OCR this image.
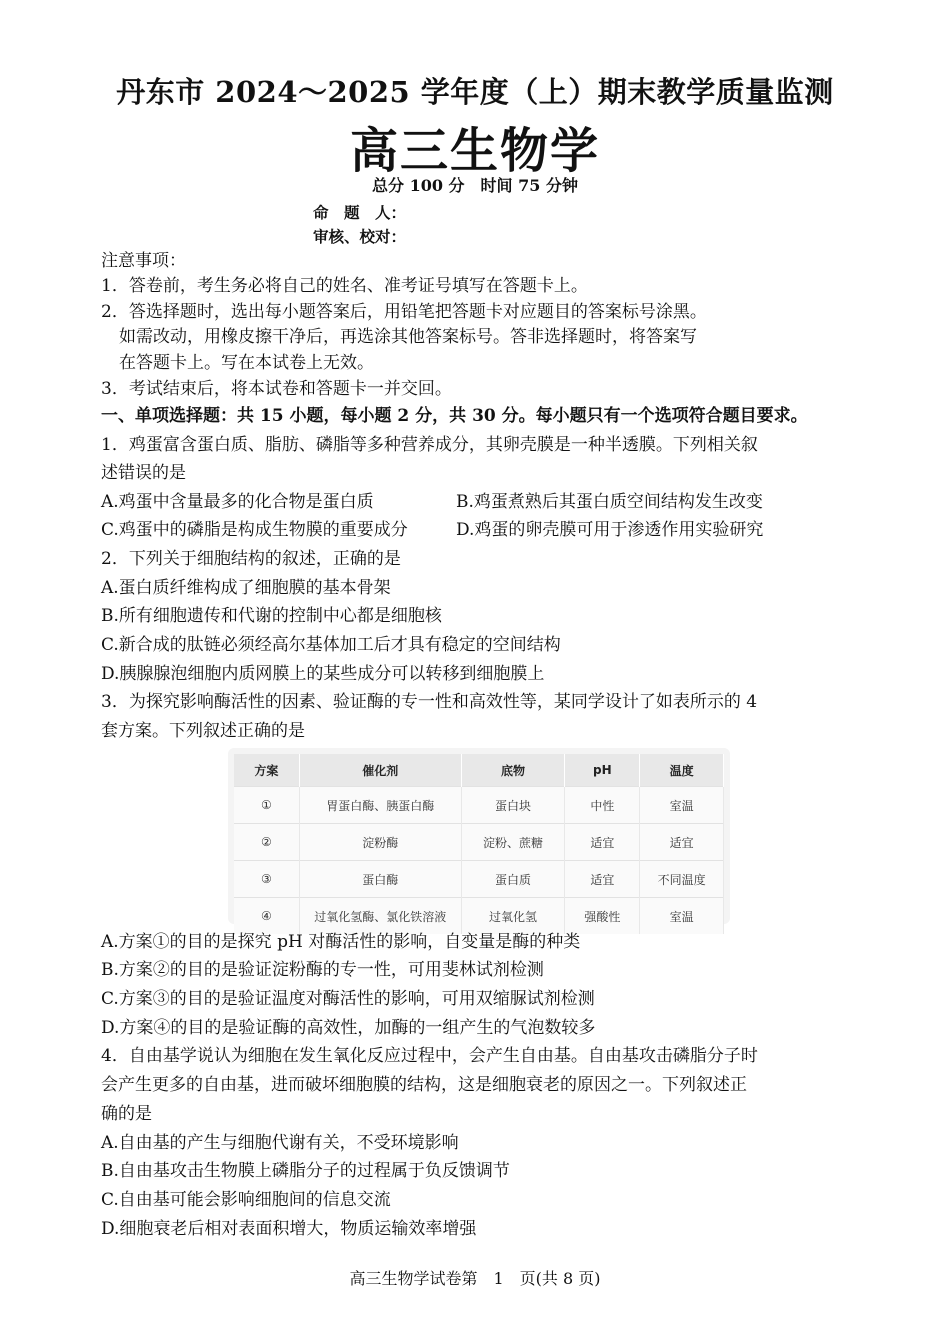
丹东市 2024～2025 学年度（上）期末教学质量监测
高三生物学
总分 100 分　时间 75 分钟
命　题　人：
审核、校对：
注意事项：
1．答卷前，考生务必将自己的姓名、准考证号填写在答题卡上。
2．答选择题时，选出每小题答案后，用铅笔把答题卡对应题目的答案标号涂黑。
如需改动，用橡皮擦干净后，再选涂其他答案标号。答非选择题时，将答案写
在答题卡上。写在本试卷上无效。
3．考试结束后，将本试卷和答题卡一并交回。
一、单项选择题：共 15 小题，每小题 2 分，共 30 分。每小题只有一个选项符合题目要求。
1．鸡蛋富含蛋白质、脂肪、磷脂等多种营养成分，其卵壳膜是一种半透膜。下列相关叙
述错误的是
A.鸡蛋中含量最多的化合物是蛋白质	B.鸡蛋煮熟后其蛋白质空间结构发生改变
C.鸡蛋中的磷脂是构成生物膜的重要成分	D.鸡蛋的卵壳膜可用于渗透作用实验研究
2．下列关于细胞结构的叙述，正确的是
A.蛋白质纤维构成了细胞膜的基本骨架
B.所有细胞遗传和代谢的控制中心都是细胞核
C.新合成的肽链必须经高尔基体加工后才具有稳定的空间结构
D.胰腺腺泡细胞内质网膜上的某些成分可以转移到细胞膜上
3．为探究影响酶活性的因素、验证酶的专一性和高效性等，某同学设计了如表所示的 4
套方案。下列叙述正确的是
方案	催化剂	底物	pH	温度
①	胃蛋白酶、胰蛋白酶	蛋白块	中性	室温
②	淀粉酶	淀粉、蔗糖	适宜	适宜
③	蛋白酶	蛋白质	适宜	不同温度
④	过氧化氢酶、氯化铁溶液	过氧化氢	强酸性	室温
A.方案①的目的是探究 pH 对酶活性的影响，自变量是酶的种类
B.方案②的目的是验证淀粉酶的专一性，可用斐林试剂检测
C.方案③的目的是验证温度对酶活性的影响，可用双缩脲试剂检测
D.方案④的目的是验证酶的高效性，加酶的一组产生的气泡数较多
4．自由基学说认为细胞在发生氧化反应过程中，会产生自由基。自由基攻击磷脂分子时
会产生更多的自由基，进而破坏细胞膜的结构，这是细胞衰老的原因之一。下列叙述正
确的是
A.自由基的产生与细胞代谢有关，不受环境影响
B.自由基攻击生物膜上磷脂分子的过程属于负反馈调节
C.自由基可能会影响细胞间的信息交流
D.细胞衰老后相对表面积增大，物质运输效率增强
高三生物学试卷第　1　页(共 8 页)
